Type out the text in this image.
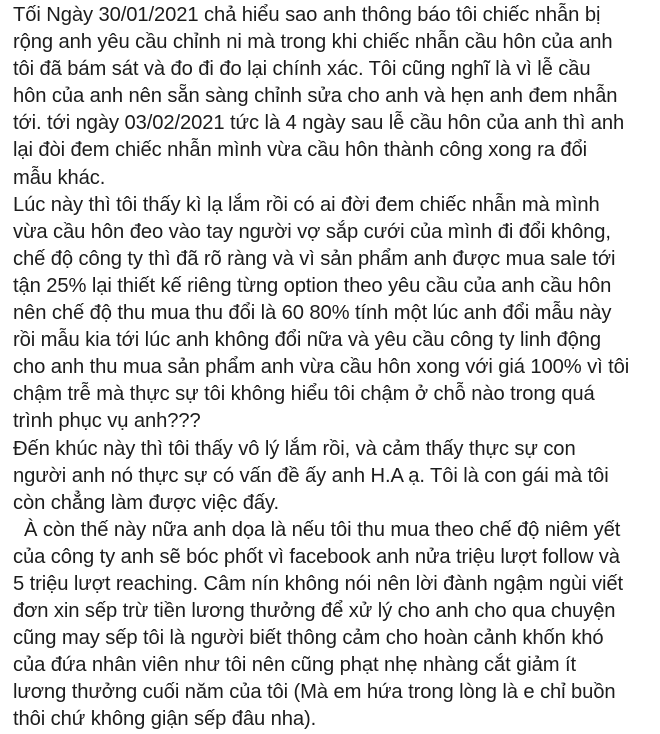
Tối Ngày 30/01/2021 chả hiểu sao anh thông báo tôi chiếc nhẫn bị
rộng anh yêu cầu chỉnh ni mà trong khi chiếc nhẫn cầu hôn của anh
tôi đã bám sát và đo đi đo lại chính xác. Tôi cũng nghĩ là vì lễ cầu
hôn của anh nên sẵn sàng chỉnh sửa cho anh và hẹn anh đem nhẫn
tới. tới ngày 03/02/2021 tức là 4 ngày sau lễ cầu hôn của anh thì anh
lại đòi đem chiếc nhẫn mình vừa cầu hôn thành công xong ra đổi
mẫu khác.
Lúc này thì tôi thấy kì lạ lắm rồi có ai đời đem chiếc nhẫn mà mình
vừa cầu hôn đeo vào tay người vợ sắp cưới của mình đi đổi không,
chế độ công ty thì đã rõ ràng và vì sản phẩm anh được mua sale tới
tận 25% lại thiết kế riêng từng option theo yêu cầu của anh cầu hôn
nên chế độ thu mua thu đổi là 60 80% tính một lúc anh đổi mẫu này
rồi mẫu kia tới lúc anh không đổi nữa và yêu cầu công ty linh động
cho anh thu mua sản phẩm anh vừa cầu hôn xong với giá 100% vì tôi
chậm trễ mà thực sự tôi không hiểu tôi chậm ở chỗ nào trong quá
trình phục vụ anh???
Đến khúc này thì tôi thấy vô lý lắm rồi, và cảm thấy thực sự con
người anh nó thực sự có vấn đề ấy anh H.A ạ. Tôi là con gái mà tôi
còn chẳng làm được việc đấy.
À còn thế này nữa anh dọa là nếu tôi thu mua theo chế độ niêm yết
của công ty anh sẽ bóc phốt vì facebook anh nửa triệu lượt follow và
5 triệu lượt reaching. Câm nín không nói nên lời đành ngậm ngùi viết
đơn xin sếp trừ tiền lương thưởng để xử lý cho anh cho qua chuyện
cũng may sếp tôi là người biết thông cảm cho hoàn cảnh khốn khó
của đứa nhân viên như tôi nên cũng phạt nhẹ nhàng cắt giảm ít
lương thưởng cuối năm của tôi (Mà em hứa trong lòng là e chỉ buồn
thôi chứ không giận sếp đâu nha).
